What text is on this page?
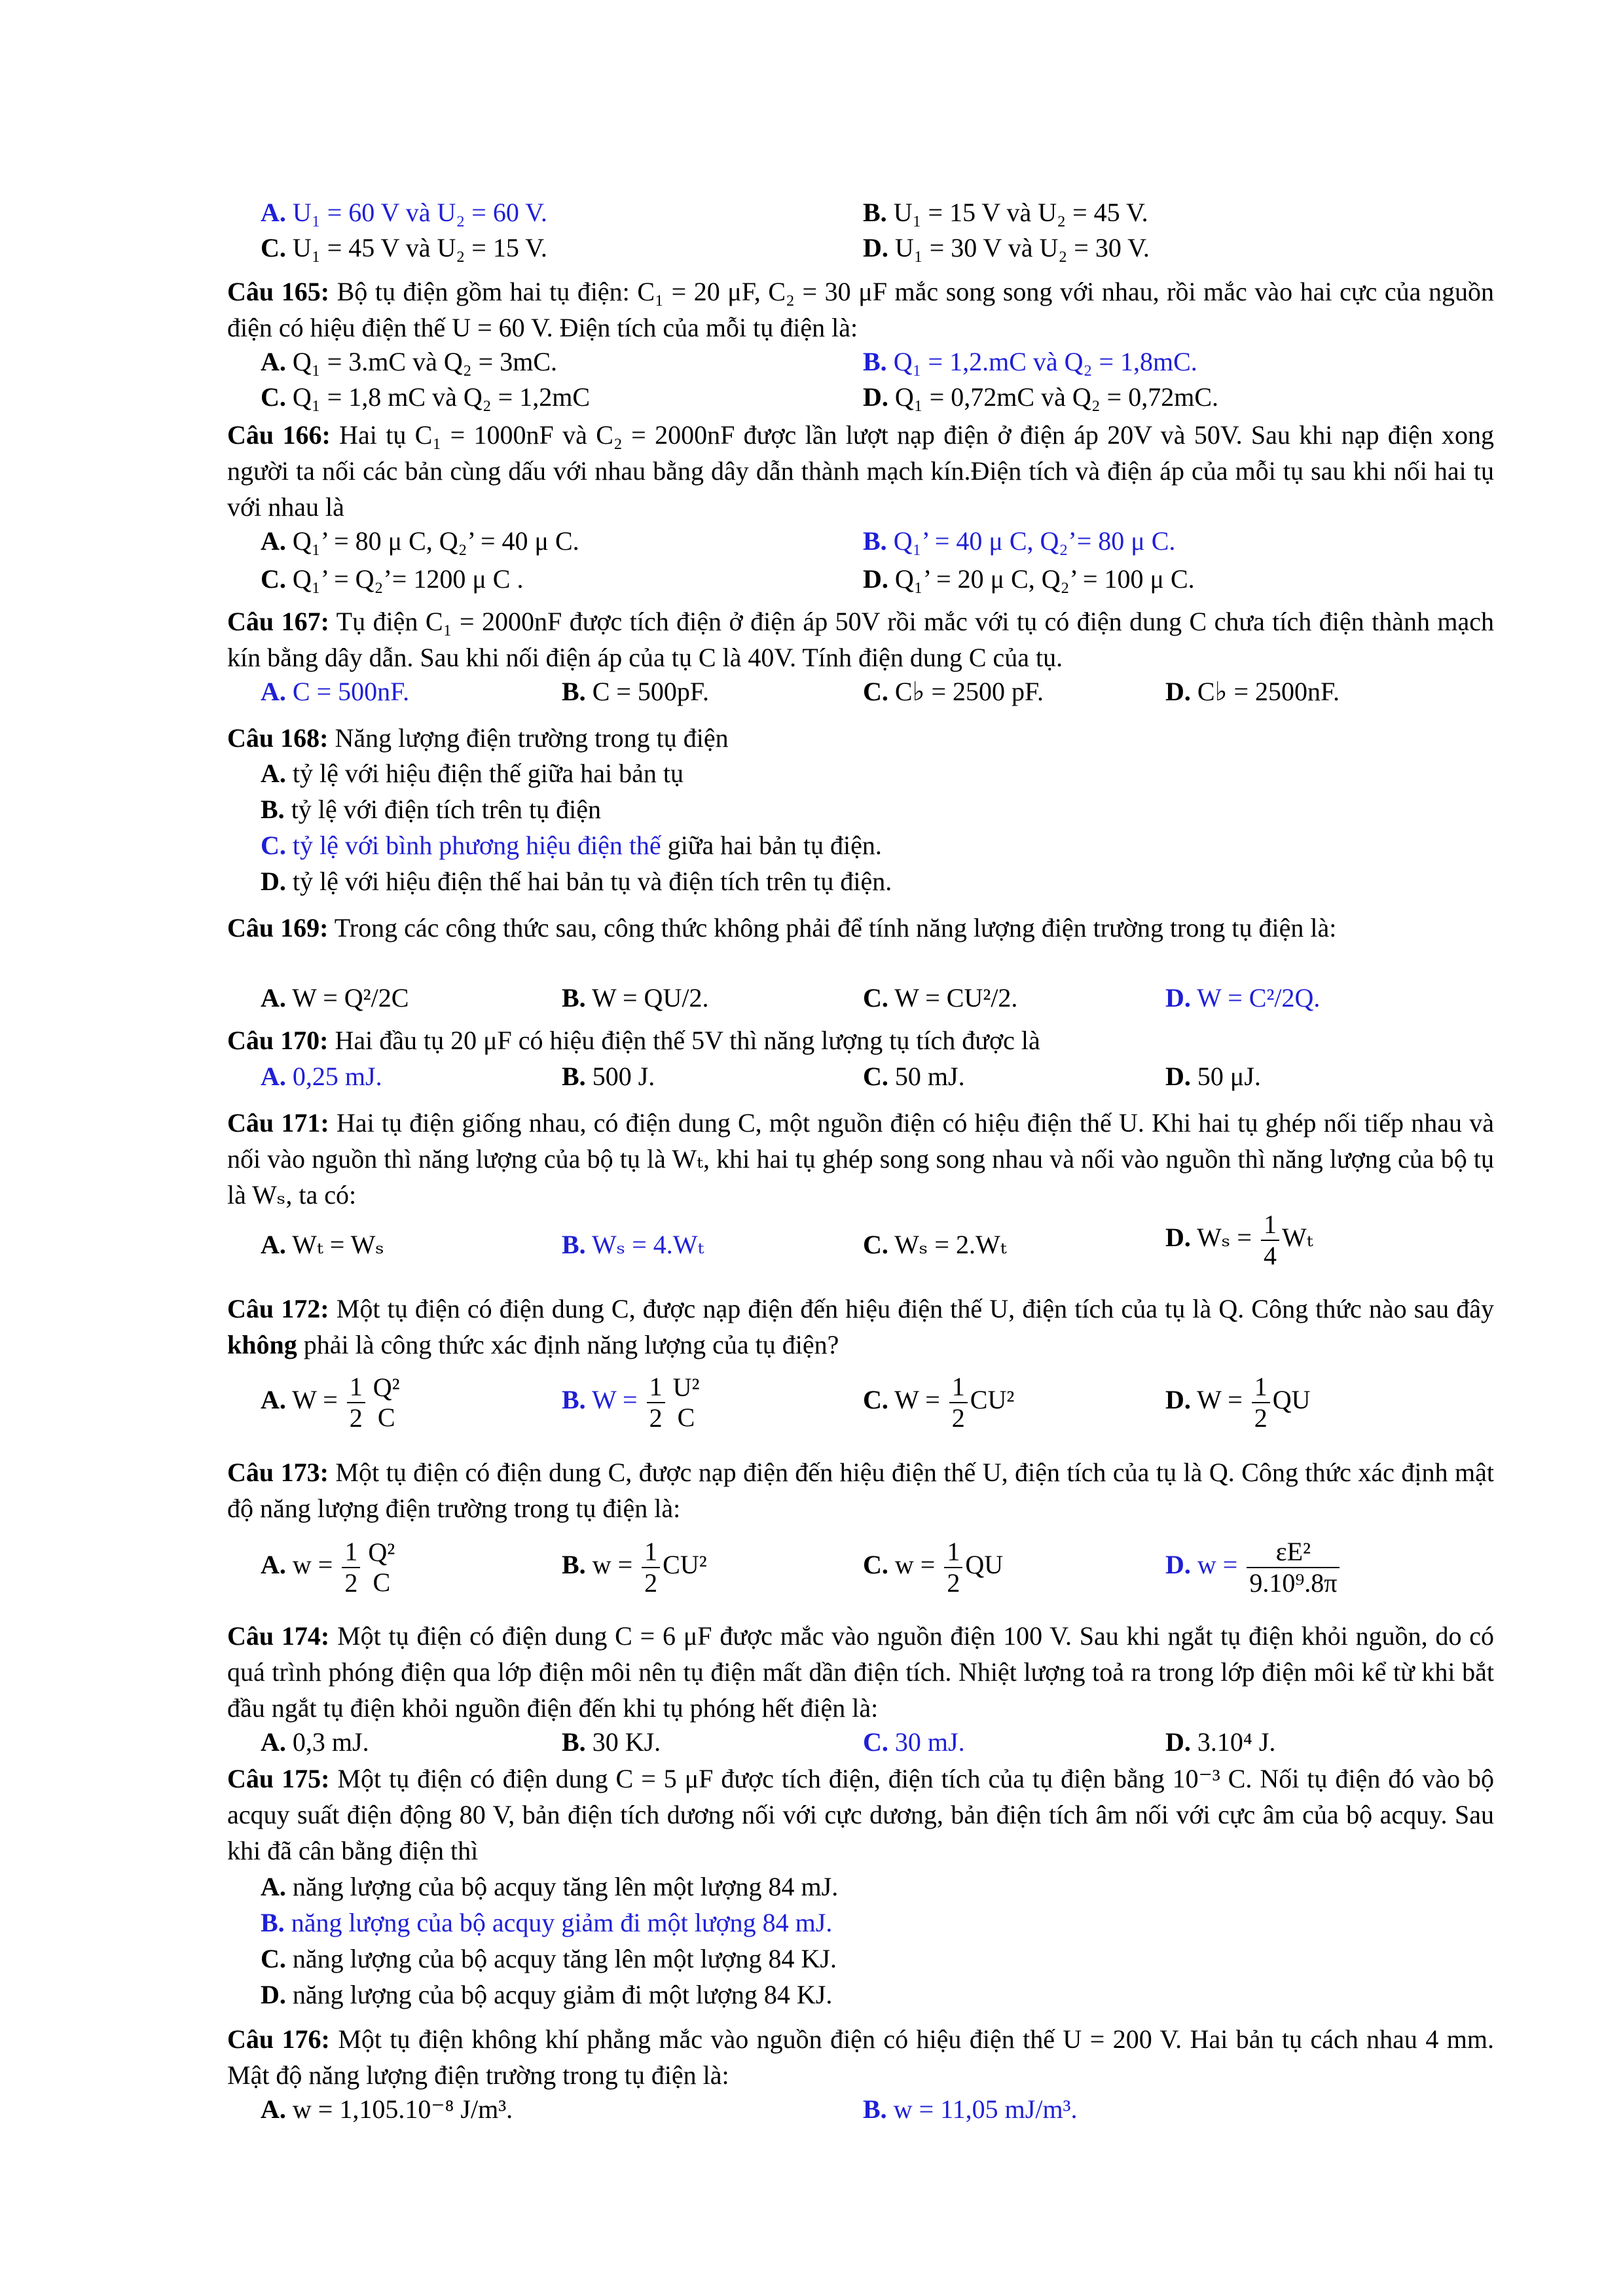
A. U₁ = 60 V và U₂ = 60 V.	B. U₁ = 15 V và U₂ = 45 V.
C. U₁ = 45 V và U₂ = 15 V.	D. U₁ = 30 V và U₂ = 30 V.
Câu 165: Bộ tụ điện gồm hai tụ điện: C₁ = 20 μF, C₂ = 30 μF mắc song song với nhau, rồi mắc vào hai cực của nguồn điện có hiệu điện thế U = 60 V. Điện tích của mỗi tụ điện là:
A. Q₁ = 3.mC và Q₂ = 3mC.	B. Q₁ = 1,2.mC và Q₂ = 1,8mC.
C. Q₁ = 1,8 mC và Q₂ = 1,2mC	D. Q₁ = 0,72mC và Q₂ = 0,72mC.
Câu 166: Hai tụ C₁ = 1000nF và C₂ = 2000nF được lần lượt nạp điện ở điện áp 20V và 50V. Sau khi nạp điện xong người ta nối các bản cùng dấu với nhau bằng dây dẫn thành mạch kín.Điện tích và điện áp của mỗi tụ sau khi nối hai tụ với nhau là
A. Q₁’ = 80 μ C, Q₂’ = 40 μ C.	B. Q₁’ = 40 μ C, Q₂’= 80 μ C.
C. Q₁’ = Q₂’= 1200 μ C .	D. Q₁’ = 20 μ C, Q₂’ = 100 μ C.
Câu 167: Tụ điện C₁ = 2000nF được tích điện ở điện áp 50V rồi mắc với tụ có điện dung C chưa tích điện thành mạch kín bằng dây dẫn. Sau khi nối điện áp của tụ C là 40V. Tính điện dung C của tụ.
A. C = 500nF.	B. C = 500pF.	C. C♭ = 2500 pF.	D. C♭ = 2500nF.
Câu 168: Năng lượng điện trường trong tụ điện
A. tỷ lệ với hiệu điện thế giữa hai bản tụ
B. tỷ lệ với điện tích trên tụ điện
C. tỷ lệ với bình phương hiệu điện thế giữa hai bản tụ điện.
D. tỷ lệ với hiệu điện thế hai bản tụ và điện tích trên tụ điện.
Câu 169: Trong các công thức sau, công thức không phải để tính năng lượng điện trường trong tụ điện là:
A. W = Q²/2C	B. W = QU/2.	C. W = CU²/2.	D. W = C²/2Q.
Câu 170: Hai đầu tụ 20 μF có hiệu điện thế 5V thì năng lượng tụ tích được là
A. 0,25 mJ.	B. 500 J.	C. 50 mJ.	D. 50 μJ.
Câu 171: Hai tụ điện giống nhau, có điện dung C, một nguồn điện có hiệu điện thế U. Khi hai tụ ghép nối tiếp nhau và nối vào nguồn thì năng lượng của bộ tụ là Wₜ, khi hai tụ ghép song song nhau và nối vào nguồn thì năng lượng của bộ tụ là Wₛ, ta có:
A. Wₜ = Wₛ	B. Wₛ = 4.Wₜ	C. Wₛ = 2.Wₜ	D. $W_s = \frac{1}{4}$ Wₜ
Câu 172: Một tụ điện có điện dung C, được nạp điện đến hiệu điện thế U, điện tích của tụ là Q. Công thức nào sau đây không phải là công thức xác định năng lượng của tụ điện?
A. $W = \frac{1}{2} Q^2$
C
B. $W = \frac{1}{2} U^2$
C
C. $W = \frac{1}{2} CU^2$	D. $W = \frac{1}{2}$ QU
Câu 173: Một tụ điện có điện dung C, được nạp điện đến hiệu điện thế U, điện tích của tụ là Q. Công thức xác định mật độ năng lượng điện trường trong tụ điện là:
A. $w = \frac{1}{2} Q^2$
C
B. $w = \frac{1}{2} CU^2$	C. $w = \frac{1}{2}$ QU	D. $w = \frac{\text{εE²}}{\text{9.10⁹.8π}}$
Câu 174: Một tụ điện có điện dung C = 6 μF được mắc vào nguồn điện 100 V. Sau khi ngắt tụ điện khỏi nguồn, do có quá trình phóng điện qua lớp điện môi nên tụ điện mất dần điện tích. Nhiệt lượng toả ra trong lớp điện môi kể từ khi bắt đầu ngắt tụ điện khỏi nguồn điện đến khi tụ phóng hết điện là:
A. 0,3 mJ.	B. 30 KJ.	C. 30 mJ.	D. 3.10⁴ J.
Câu 175: Một tụ điện có điện dung C = 5 μF được tích điện, điện tích của tụ điện bằng 10⁻³ C. Nối tụ điện đó vào bộ acquy suất điện động 80 V, bản điện tích dương nối với cực dương, bản điện tích âm nối với cực âm của bộ acquy. Sau khi đã cân bằng điện thì
A. năng lượng của bộ acquy tăng lên một lượng 84 mJ.
B. năng lượng của bộ acquy giảm đi một lượng 84 mJ.
C. năng lượng của bộ acquy tăng lên một lượng 84 KJ.
D. năng lượng của bộ acquy giảm đi một lượng 84 KJ.
Câu 176: Một tụ điện không khí phẳng mắc vào nguồn điện có hiệu điện thế U = 200 V. Hai bản tụ cách nhau 4 mm. Mật độ năng lượng điện trường trong tụ điện là:
A. w = 1,105.10⁻⁸ J/m³.	B. w = 11,05 mJ/m³.
